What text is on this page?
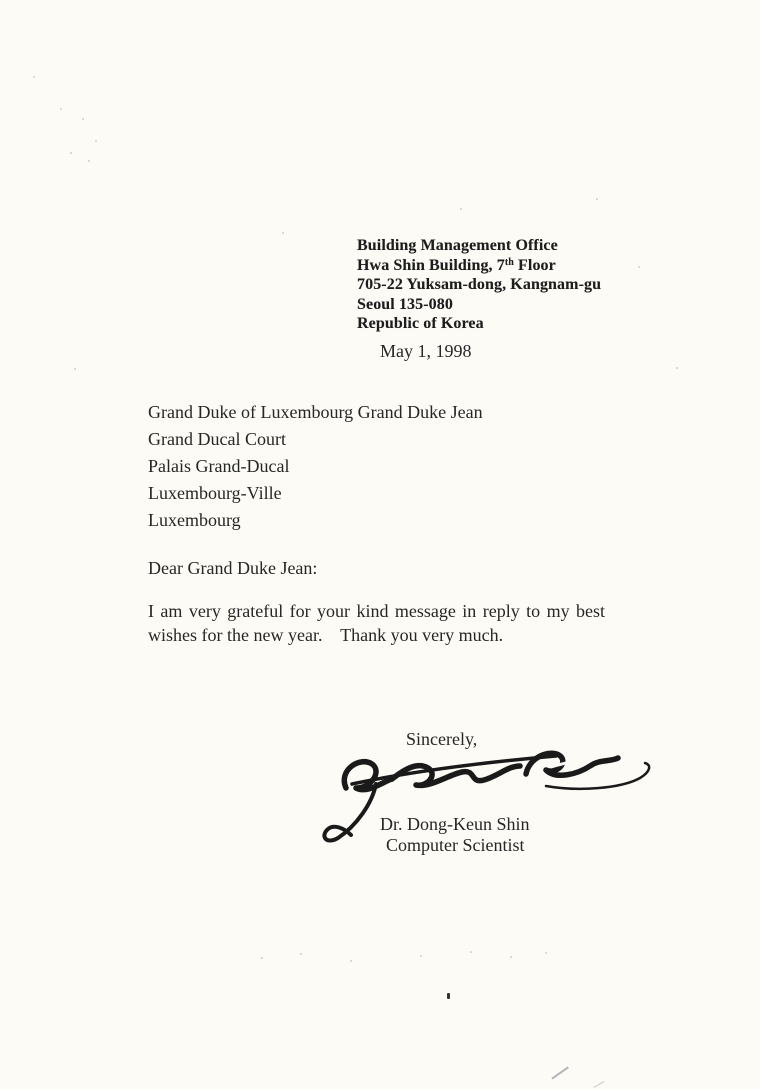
Building Management Office
Hwa Shin Building, 7th Floor
705-22 Yuksam-dong, Kangnam-gu
Seoul 135-080
Republic of Korea
May 1, 1998
Grand Duke of Luxembourg Grand Duke Jean
Grand Ducal Court
Palais Grand-Ducal
Luxembourg-Ville
Luxembourg
Dear Grand Duke Jean:
I am very grateful for your kind message in reply to my best
wishes for the new year.    Thank you very much.
Sincerely,
Dr. Dong-Keun Shin
Computer Scientist
